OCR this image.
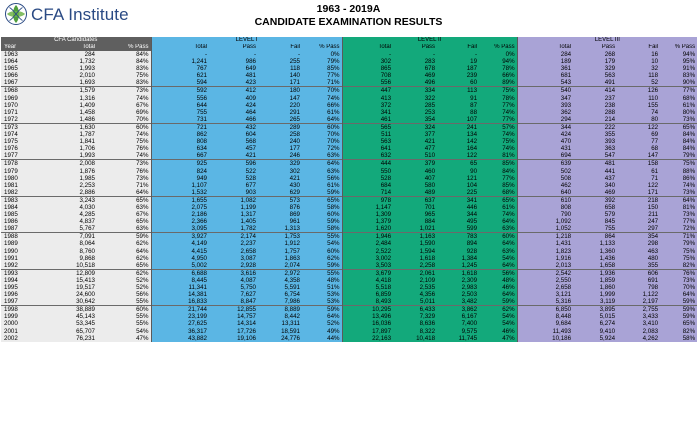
CFA Institute	1963 - 2019A
CANDIDATE EXAMINATION RESULTS
CFA Candidates			LEVEL I				LEVEL II				LEVEL III			
Year	Total	% Pass	Total	Pass	Fail	% Pass	Total	Pass	Fail	% Pass	Total	Pass	Fail	% Pass
1963	284	84%	-	-	-	0%	-	-	-	0%	284	268	16	94%
1964	1,732	84%	1,241	986	255	79%	302	283	19	94%	189	179	10	95%
1965	1,993	83%	767	649	118	85%	865	678	187	78%	361	329	32	91%
1966	2,010	75%	621	481	140	77%	708	469	239	66%	681	563	118	83%
1967	1,693	83%	594	423	171	71%	556	496	60	89%	543	491	52	90%
1968	1,579	73%	592	412	180	70%	447	334	113	75%	540	414	126	77%
1969	1,316	74%	556	409	147	74%	413	322	91	78%	347	237	110	68%
1970	1,409	67%	644	424	220	66%	372	285	87	77%	393	238	155	61%
1971	1,458	69%	755	464	291	61%	341	253	88	74%	362	288	74	80%
1972	1,486	70%	731	466	265	64%	461	354	107	77%	294	214	80	73%
1973	1,630	60%	721	432	289	60%	565	324	241	57%	344	222	122	65%
1974	1,787	74%	862	604	258	70%	511	377	134	74%	424	355	69	84%
1975	1,841	75%	808	568	240	70%	563	421	142	75%	470	393	77	84%
1976	1,706	76%	634	457	177	72%	641	477	164	74%	431	363	68	84%
1977	1,993	74%	667	421	246	63%	632	510	122	81%	694	547	147	79%
1978	2,008	73%	925	596	329	64%	444	379	65	85%	639	481	158	75%
1979	1,876	76%	824	522	302	63%	550	460	90	84%	502	441	61	88%
1980	1,985	73%	949	528	421	56%	528	407	121	77%	508	437	71	86%
1981	2,253	71%	1,107	677	430	61%	684	580	104	85%	462	340	122	74%
1982	2,886	64%	1,532	903	629	59%	714	489	225	68%	640	469	171	73%
1983	3,243	65%	1,655	1,082	573	65%	978	637	341	65%	610	392	218	64%
1984	4,030	63%	2,075	1,199	876	58%	1,147	701	446	61%	808	658	150	81%
1985	4,285	67%	2,186	1,317	869	60%	1,309	965	344	74%	790	579	211	73%
1986	4,837	65%	2,366	1,405	961	59%	1,379	884	495	64%	1,092	845	247	77%
1987	5,767	63%	3,095	1,782	1,313	58%	1,620	1,021	599	63%	1,052	755	297	72%
1988	7,091	59%	3,927	2,174	1,753	55%	1,946	1,163	783	60%	1,218	864	354	71%
1989	8,064	62%	4,149	2,237	1,912	54%	2,484	1,590	894	64%	1,431	1,133	298	79%
1990	8,760	64%	4,415	2,658	1,757	60%	2,522	1,594	928	63%	1,823	1,360	463	75%
1991	9,868	62%	4,950	3,087	1,863	62%	3,002	1,618	1,384	54%	1,916	1,436	480	75%
1992	10,518	65%	5,002	2,928	2,074	59%	3,503	2,258	1,245	64%	2,013	1,658	355	82%
1993	12,809	62%	6,688	3,616	2,972	55%	3,679	2,061	1,618	56%	2,542	1,936	606	76%
1994	15,413	52%	8,445	4,087	4,358	48%	4,418	2,109	2,309	48%	2,550	1,859	691	73%
1995	19,517	52%	11,341	5,750	5,591	51%	5,518	2,535	2,983	46%	2,658	1,860	798	70%
1996	24,600	56%	14,381	7,627	6,754	53%	6,859	4,356	2,503	64%	3,121	1,999	1,122	64%
1997	30,642	55%	16,833	8,847	7,986	53%	8,493	5,011	3,482	59%	5,316	3,119	2,197	59%
1998	38,889	60%	21,744	12,855	8,889	59%	10,295	6,433	3,862	62%	6,850	3,895	2,755	59%
1999	45,143	55%	23,199	14,757	8,442	64%	13,496	7,329	6,167	54%	8,448	5,015	3,433	59%
2000	53,345	55%	27,625	14,314	13,311	52%	16,036	8,636	7,400	54%	9,684	6,274	3,410	65%
2001	65,707	54%	36,317	17,726	18,591	49%	17,897	8,322	9,575	46%	11,493	9,410	2,083	82%
2002	76,231	47%	43,882	19,106	24,776	44%	22,163	10,418	11,745	47%	10,186	5,924	4,262	58%
